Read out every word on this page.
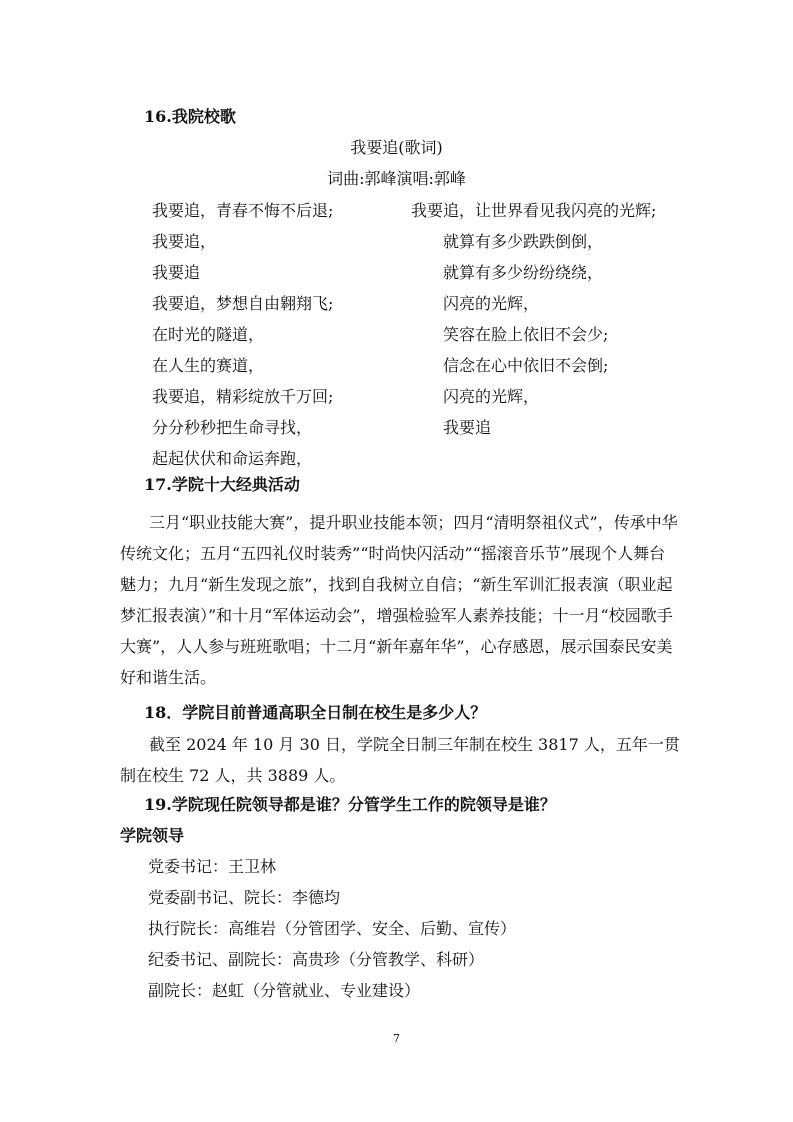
16.我院校歌
我要追(歌词)
词曲:郭峰演唱:郭峰
我要追，青春不悔不后退;
我要追，
我要追
我要追，梦想自由翱翔飞;
在时光的隧道，
在人生的赛道，
我要追，精彩绽放千万回;
分分秒秒把生命寻找，
起起伏伏和命运奔跑，
我要追，让世界看见我闪亮的光辉;
就算有多少跌跌倒倒，
就算有多少纷纷绕绕，
闪亮的光辉，
笑容在脸上依旧不会少;
信念在心中依旧不会倒;
闪亮的光辉，
我要追
17.学院十大经典活动

三月“职业技能大赛”，提升职业技能本领；四月“清明祭祖仪式”，传承中华传统文化；五月“五四礼仪时装秀”“时尚快闪活动”“摇滚音乐节”展现个人舞台魅力；九月“新生发现之旅”，找到自我树立自信；“新生军训汇报表演（职业起梦汇报表演）”和十月“军体运动会”，增强检验军人素养技能；十一月“校园歌手大赛”，人人参与班班歌唱；十二月“新年嘉年华”，心存感恩，展示国泰民安美好和谐生活。

18．学院目前普通高职全日制在校生是多少人？

截至 2024 年 10 月 30 日，学院全日制三年制在校生 3817 人，五年一贯制在校生 72 人，共 3889 人。

19.学院现任院领导都是谁？分管学生工作的院领导是谁？
学院领导
党委书记：王卫林
党委副书记、院长：李德均
执行院长：高维岩（分管团学、安全、后勤、宣传）
纪委书记、副院长：高贵珍（分管教学、科研）
副院长：赵虹（分管就业、专业建设）
7
